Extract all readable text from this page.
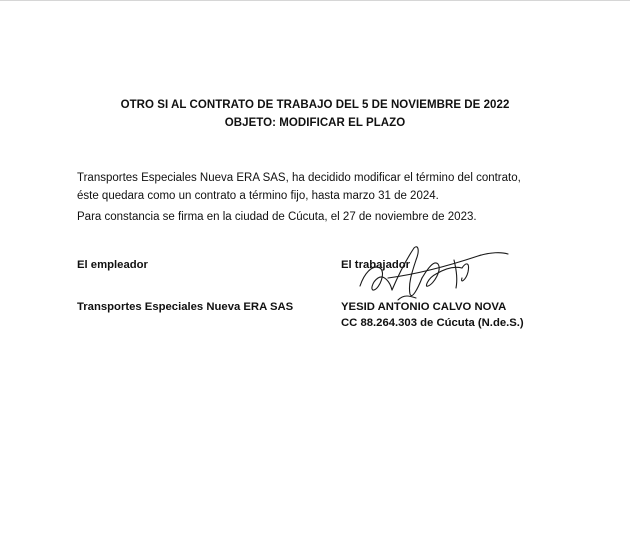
OTRO SI AL CONTRATO DE TRABAJO DEL 5 DE NOVIEMBRE DE 2022
OBJETO: MODIFICAR EL PLAZO

Transportes Especiales Nueva ERA SAS, ha decidido modificar el término del contrato, éste quedara como un contrato a término fijo, hasta marzo 31 de 2024.

Para constancia se firma en la ciudad de Cúcuta, el 27 de noviembre de 2023.

El empleador	El trabajador
Transportes Especiales Nueva ERA SAS	YESID ANTONIO CALVO NOVA
CC 88.264.303 de Cúcuta (N.de.S.)
